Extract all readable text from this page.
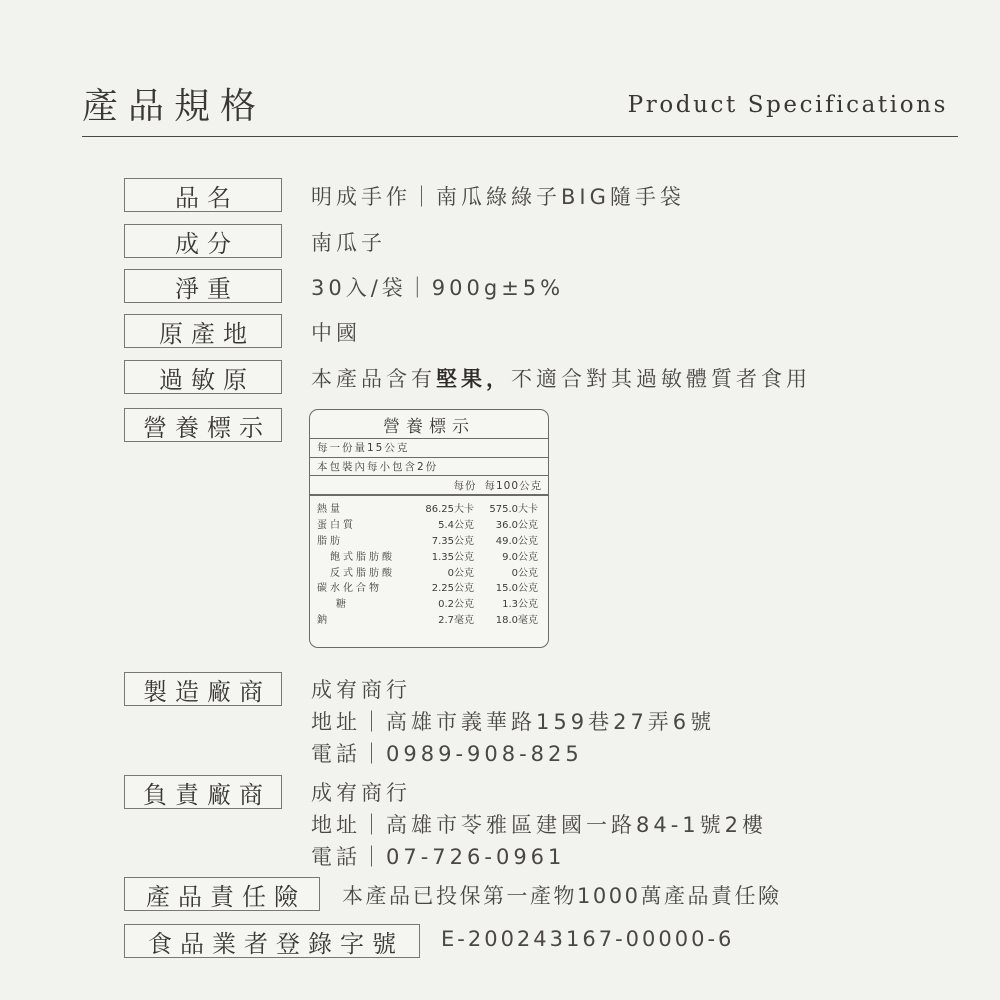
產品規格	Product Specifications
品名	明成手作｜南瓜綠綠子BIG隨手袋
成分	南瓜子
淨重	30入/袋｜900g±5%
原產地	中國
過敏原	本產品含有堅果，不適合對其過敏體質者食用
營養標示	營養標示
每一份量15公克
本包裝內每小包含2份
每份 每100公克
熱量	86.25大卡	575.0大卡
蛋白質	5.4公克	36.0公克
脂肪	7.35公克	49.0公克
飽式脂肪酸	1.35公克	9.0公克
反式脂肪酸	0公克	0公克
碳水化合物	2.25公克	15.0公克
糖	0.2公克	1.3公克
鈉	2.7毫克	18.0毫克
製造廠商	成宥商行
地址｜高雄市義華路159巷27弄6號
電話｜0989-908-825
負責廠商	成宥商行
地址｜高雄市苓雅區建國一路84-1號2樓
電話｜07-726-0961
產品責任險	本產品已投保第一產物1000萬產品責任險
食品業者登錄字號	E-200243167-00000-6
